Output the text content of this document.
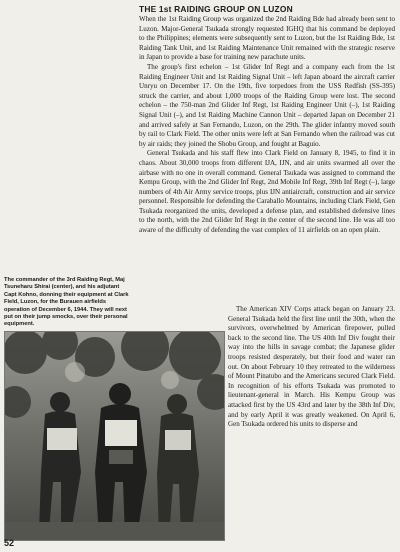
THE 1st RAIDING GROUP ON LUZON

When the 1st Raiding Group was organized the 2nd Raiding Bde had already been sent to Luzon. Major-General Tsukada strongly requested IGHQ that his command be deployed to the Philippines; elements were subsequently sent to Luzon, but the 1st Raiding Bde, 1st Raiding Tank Unit, and 1st Raiding Maintenance Unit remained with the strategic reserve in Japan to provide a base for training new parachute units.

The group's first echelon – 1st Glider Inf Regt and a company each from the 1st Raiding Engineer Unit and 1st Raiding Signal Unit – left Japan aboard the aircraft carrier Unryu on December 17. On the 19th, five torpedoes from the USS Redfish (SS-395) struck the carrier, and about 1,000 troops of the Raiding Group were lost. The second echelon – the 750-man 2nd Glider Inf Regt, 1st Raiding Engineer Unit (–), 1st Raiding Signal Unit (–), and 1st Raiding Machine Cannon Unit – departed Japan on December 21 and arrived safely at San Fernando, Luzon, on the 29th. The glider infantry moved south by rail to Clark Field. The other units were left at San Fernando when the railroad was cut by air raids; they joined the Shobu Group, and fought at Baguio.

General Tsukada and his staff flew into Clark Field on January 8, 1945, to find it in chaos. About 30,000 troops from different IJA, IJN, and air units swarmed all over the airbase with no one in overall command. General Tsukada was assigned to command the Kempu Group, with the 2nd Glider Inf Regt, 2nd Mobile Inf Regt, 39th Inf Regt (–), large numbers of 4th Air Army service troops, plus IJN antiaircraft, construction and air service personnel. Responsible for defending the Caraballo Mountains, including Clark Field, Gen Tsukada reorganized the units, developed a defense plan, and established defensive lines to the north, with the 2nd Glider Inf Regt in the center of the second line. He was all too aware of the difficulty of defending the vast complex of 11 airfields on an open plain.

The commander of the 3rd Raiding Regt, Maj Tsuneharu Shirai (center), and his adjutant Capt Kohno, donning their equipment at Clark Field, Luzon, for the Burauen airfields operation of December 6, 1944. They will next put on their jump smocks, over their personal equipment.

The American XIV Corps attack began on January 23. General Tsukada held the first line until the 30th, when the survivors, overwhelmed by American firepower, pulled back to the second line. The US 40th Inf Div fought their way into the hills in savage combat; the Japanese glider troops resisted desperately, but their food and water ran out. On about February 10 they retreated to the wilderness of Mount Pinatubo and the Americans secured Clark Field. In recognition of his efforts Tsukada was promoted to lieutenant-general in March. His Kempu Group was attacked first by the US 43rd and later by the 38th Inf Div, and by early April it was greatly weakened. On April 6, Gen Tsukada ordered his units to disperse and

52
